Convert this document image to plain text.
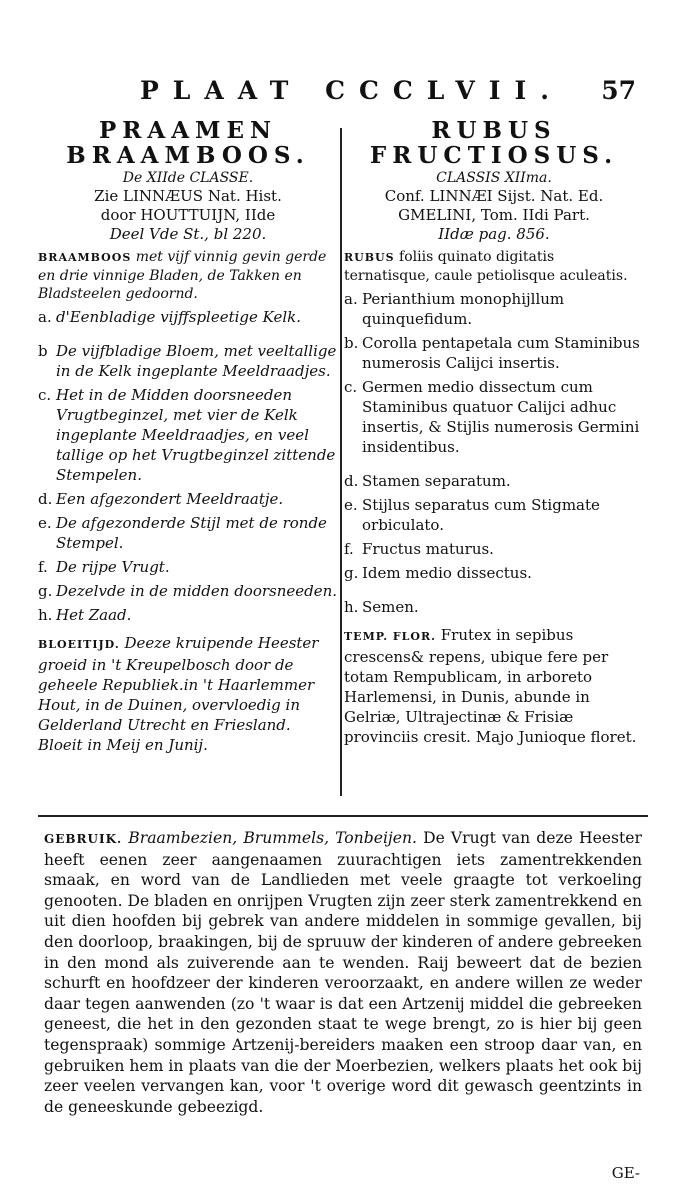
PLAAT CCCLVII. 57
PRAAMEN
BRAAMBOOS.
De XIIde CLASSE.
Zie LINNÆUS Nat. Hist.
door HOUTTUIJN, IIde
Deel Vde St., bl 220.
BRAAMBOOS met vijf vinnig gevin gerde en drie vinnige Bladen, de Takken en Bladsteelen gedoornd.
a. d'Eenbladige vijffspleetige Kelk.
b De vijfbladige Bloem, met veeltallige in de Kelk ingeplante Meeldraadjes.
c. Het in de Midden doorsneeden Vrugtbeginzel, met vier de Kelk ingeplante Meeldraadjes, en veel tallige op het Vrugtbeginzel zittende Stempelen.
d. Een afgezondert Meeldraatje.
e. De afgezonderde Stijl met de ronde Stempel.
f. De rijpe Vrugt.
g. Dezelvde in de midden doorsneeden.
h. Het Zaad.
BLOEITIJD. Deeze kruipende Heester groeid in 't Kreupelbosch door de geheele Republiek.in 't Haarlemmer Hout, in de Duinen, overvloedig in Gelderland Utrecht en Friesland. Bloeit in Meij en Junij.
RUBUS
FRUCTIOSUS.
CLASSIS XIIma.
Conf. LINNÆI Sijst. Nat. Ed.
GMELINI, Tom. IIdi Part.
IIdæ pag. 856.
RUBUS foliis quinato digitatis ternatisque, caule petiolisque aculeatis.
a. Perianthium monophijllum quinquefidum.
b. Corolla pentapetala cum Staminibus numerosis Calijci insertis.
c. Germen medio dissectum cum Staminibus quatuor Calijci adhuc insertis, & Stijlis numerosis Germini insidentibus.
d. Stamen separatum.
e. Stijlus separatus cum Stigmate orbiculato.
f. Fructus maturus.
g. Idem medio dissectus.
h. Semen.
TEMP. FLOR. Frutex in sepibus crescens& repens, ubique fere per totam Rempublicam, in arboreto Harlemensi, in Dunis, abunde in Gelriæ, Ultrajectinæ & Frisiæ provinciis cresit. Majo Junioque floret.
GEBRUIK. Braambezien, Brummels, Tonbeijen. De Vrugt van deze Heester heeft eenen zeer aangenaamen zuurachtigen iets zamentrekkenden smaak, en word van de Landlieden met veele graagte tot verkoeling genooten. De bladen en onrijpen Vrugten zijn zeer sterk zamentrekkend en uit dien hoofden bij gebrek van andere middelen in sommige gevallen, bij den doorloop, braakingen, bij de spruuw der kinderen of andere gebreeken in den mond als zuiverende aan te wenden. Raij beweert dat de bezien schurft en hoofdzeer der kinderen veroorzaakt, en andere willen ze weder daar tegen aanwenden (zo 't waar is dat een Artzenij middel die gebreeken geneest, die het in den gezonden staat te wege brengt, zo is hier bij geen tegenspraak) sommige Artzenij-bereiders maaken een stroop daar van, en gebruiken hem in plaats van die der Moerbezien, welkers plaats het ook bij zeer veelen vervangen kan, voor 't overige word dit gewasch geentzints in de geneeskunde gebeezigd.
GE-
